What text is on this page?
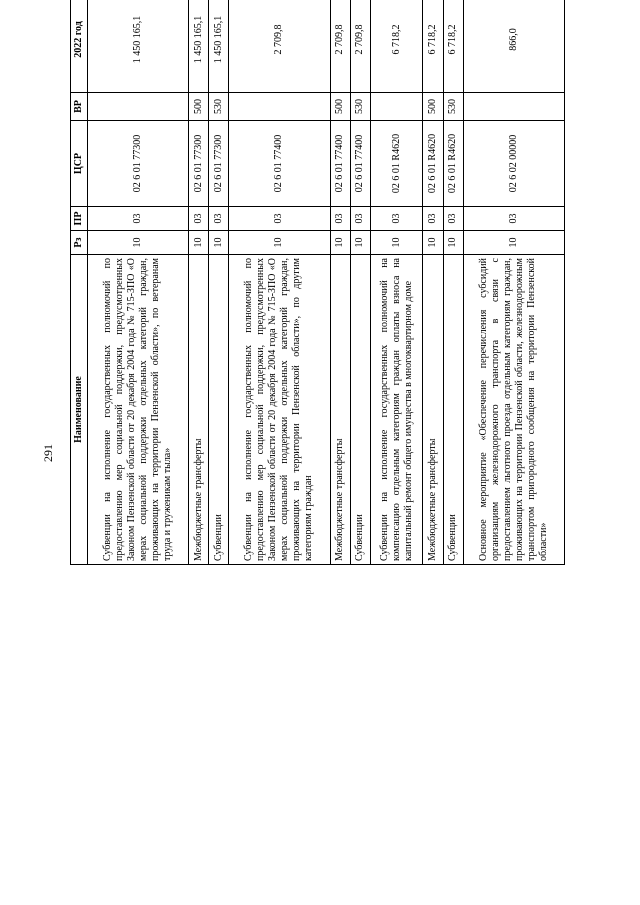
291
Наименование	Рз	ПР	ЦСР	ВР	2022 год		
Субвенции на исполнение государственных полномочий по предоставлению мер социальной поддержки, предусмотренных Законом Пензенской области от 20 декабря 2004 года № 715-ЗПО «О мерах социальной поддержки отдельных категорий граждан, проживающих на территории Пензенской области», по ветеранам труда и труженикам тыла»	10	03	02 6 01 77300		1 450 165,1		
Межбюджетные трансферты	10	03	02 6 01 77300	500	1 450 165,1		
Субвенции	10	03	02 6 01 77300	530	1 450 165,1		
Субвенции на исполнение государственных полномочий по предоставлению мер социальной поддержки, предусмотренных Законом Пензенской области от 20 декабря 2004 года № 715-ЗПО «О мерах социальной поддержки отдельных категорий граждан, проживающих на территории Пензенской области», по другим категориям граждан	10	03	02 6 01 77400		2 709,8		
Межбюджетные трансферты	10	03	02 6 01 77400	500	2 709,8		
Субвенции	10	03	02 6 01 77400	530	2 709,8		
Субвенции на исполнение государственных полномочий на компенсацию отдельным категориям граждан оплаты взноса на капитальный ремонт общего имущества в многоквартирном доме	10	03	02 6 01 R4620		6 718,2		
Межбюджетные трансферты	10	03	02 6 01 R4620	500	6 718,2		
Субвенции	10	03	02 6 01 R4620	530	6 718,2		
Основное мероприятие «Обеспечение перечисления субсидий организациям железнодорожного транспорта в связи с предоставлением льготного проезда отдельным категориям граждан, проживающих на территории Пензенской области, железнодорожным транспортом пригородного сообщения на территории Пензенской области»	10	03	02 6 02 00000		866,0		
